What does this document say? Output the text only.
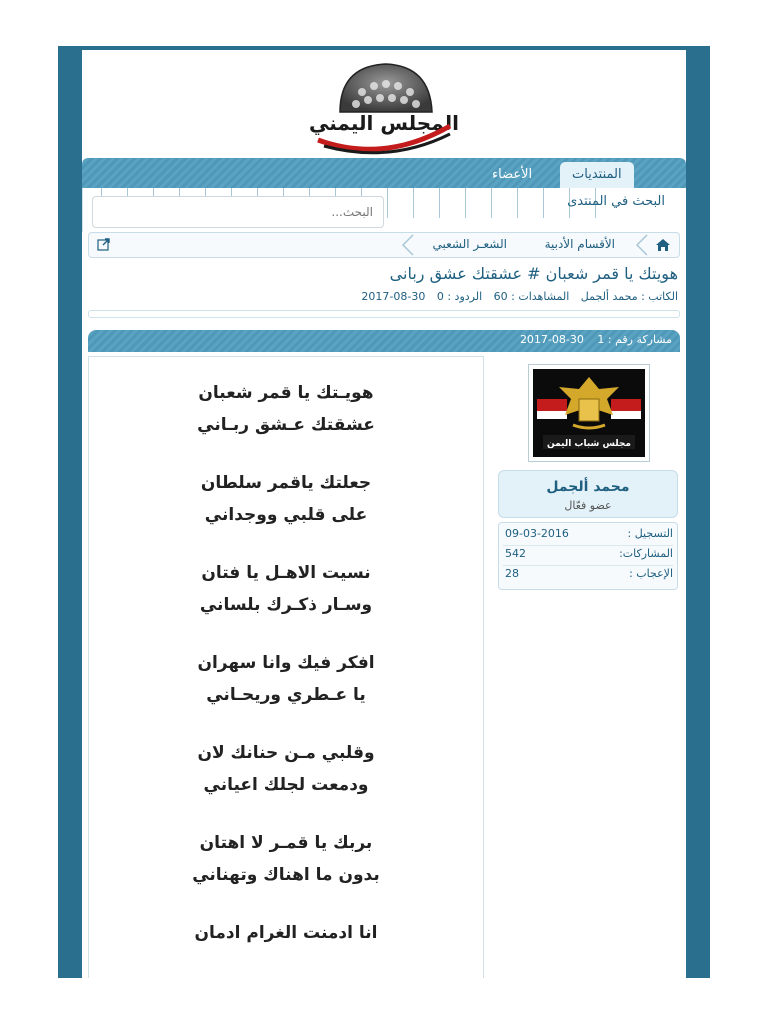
المجلس اليمني
المنتديات
الأعضاء
البحث في المنتدى
البحث...
الأقسام الأدبية
الشعـر الشعبي
هويتك يا قمر شعبان # عشقتك عشق ربانى
الكاتب : محمد ألجمل المشاهدات : 60 الردود : 0 30-08-2017
مشاركة رقم : 1 30-08-2017
هويـتك يا قمر شعبان
عشقتك عـشق ربـاني
جعلتك ياقمر سلطان
على قلبي ووجداني
نسيت الاهـل يا فتان
وسـار ذكـرك بلساني
افكر فيك وانا سهران
يا عـطري وريحـاني
وقلبي مـن حنانك لان
ودمعت لجلك اعياني
بربك يا قمـر لا اهتان
بدون ما اهناك وتهناني
انا ادمنت الغرام ادمان
مجلس شباب اليمن
محمد ألجمل
عضو فعّال
التسجيل :
09-03-2016
المشاركات:
542
الإعجاب :
28
